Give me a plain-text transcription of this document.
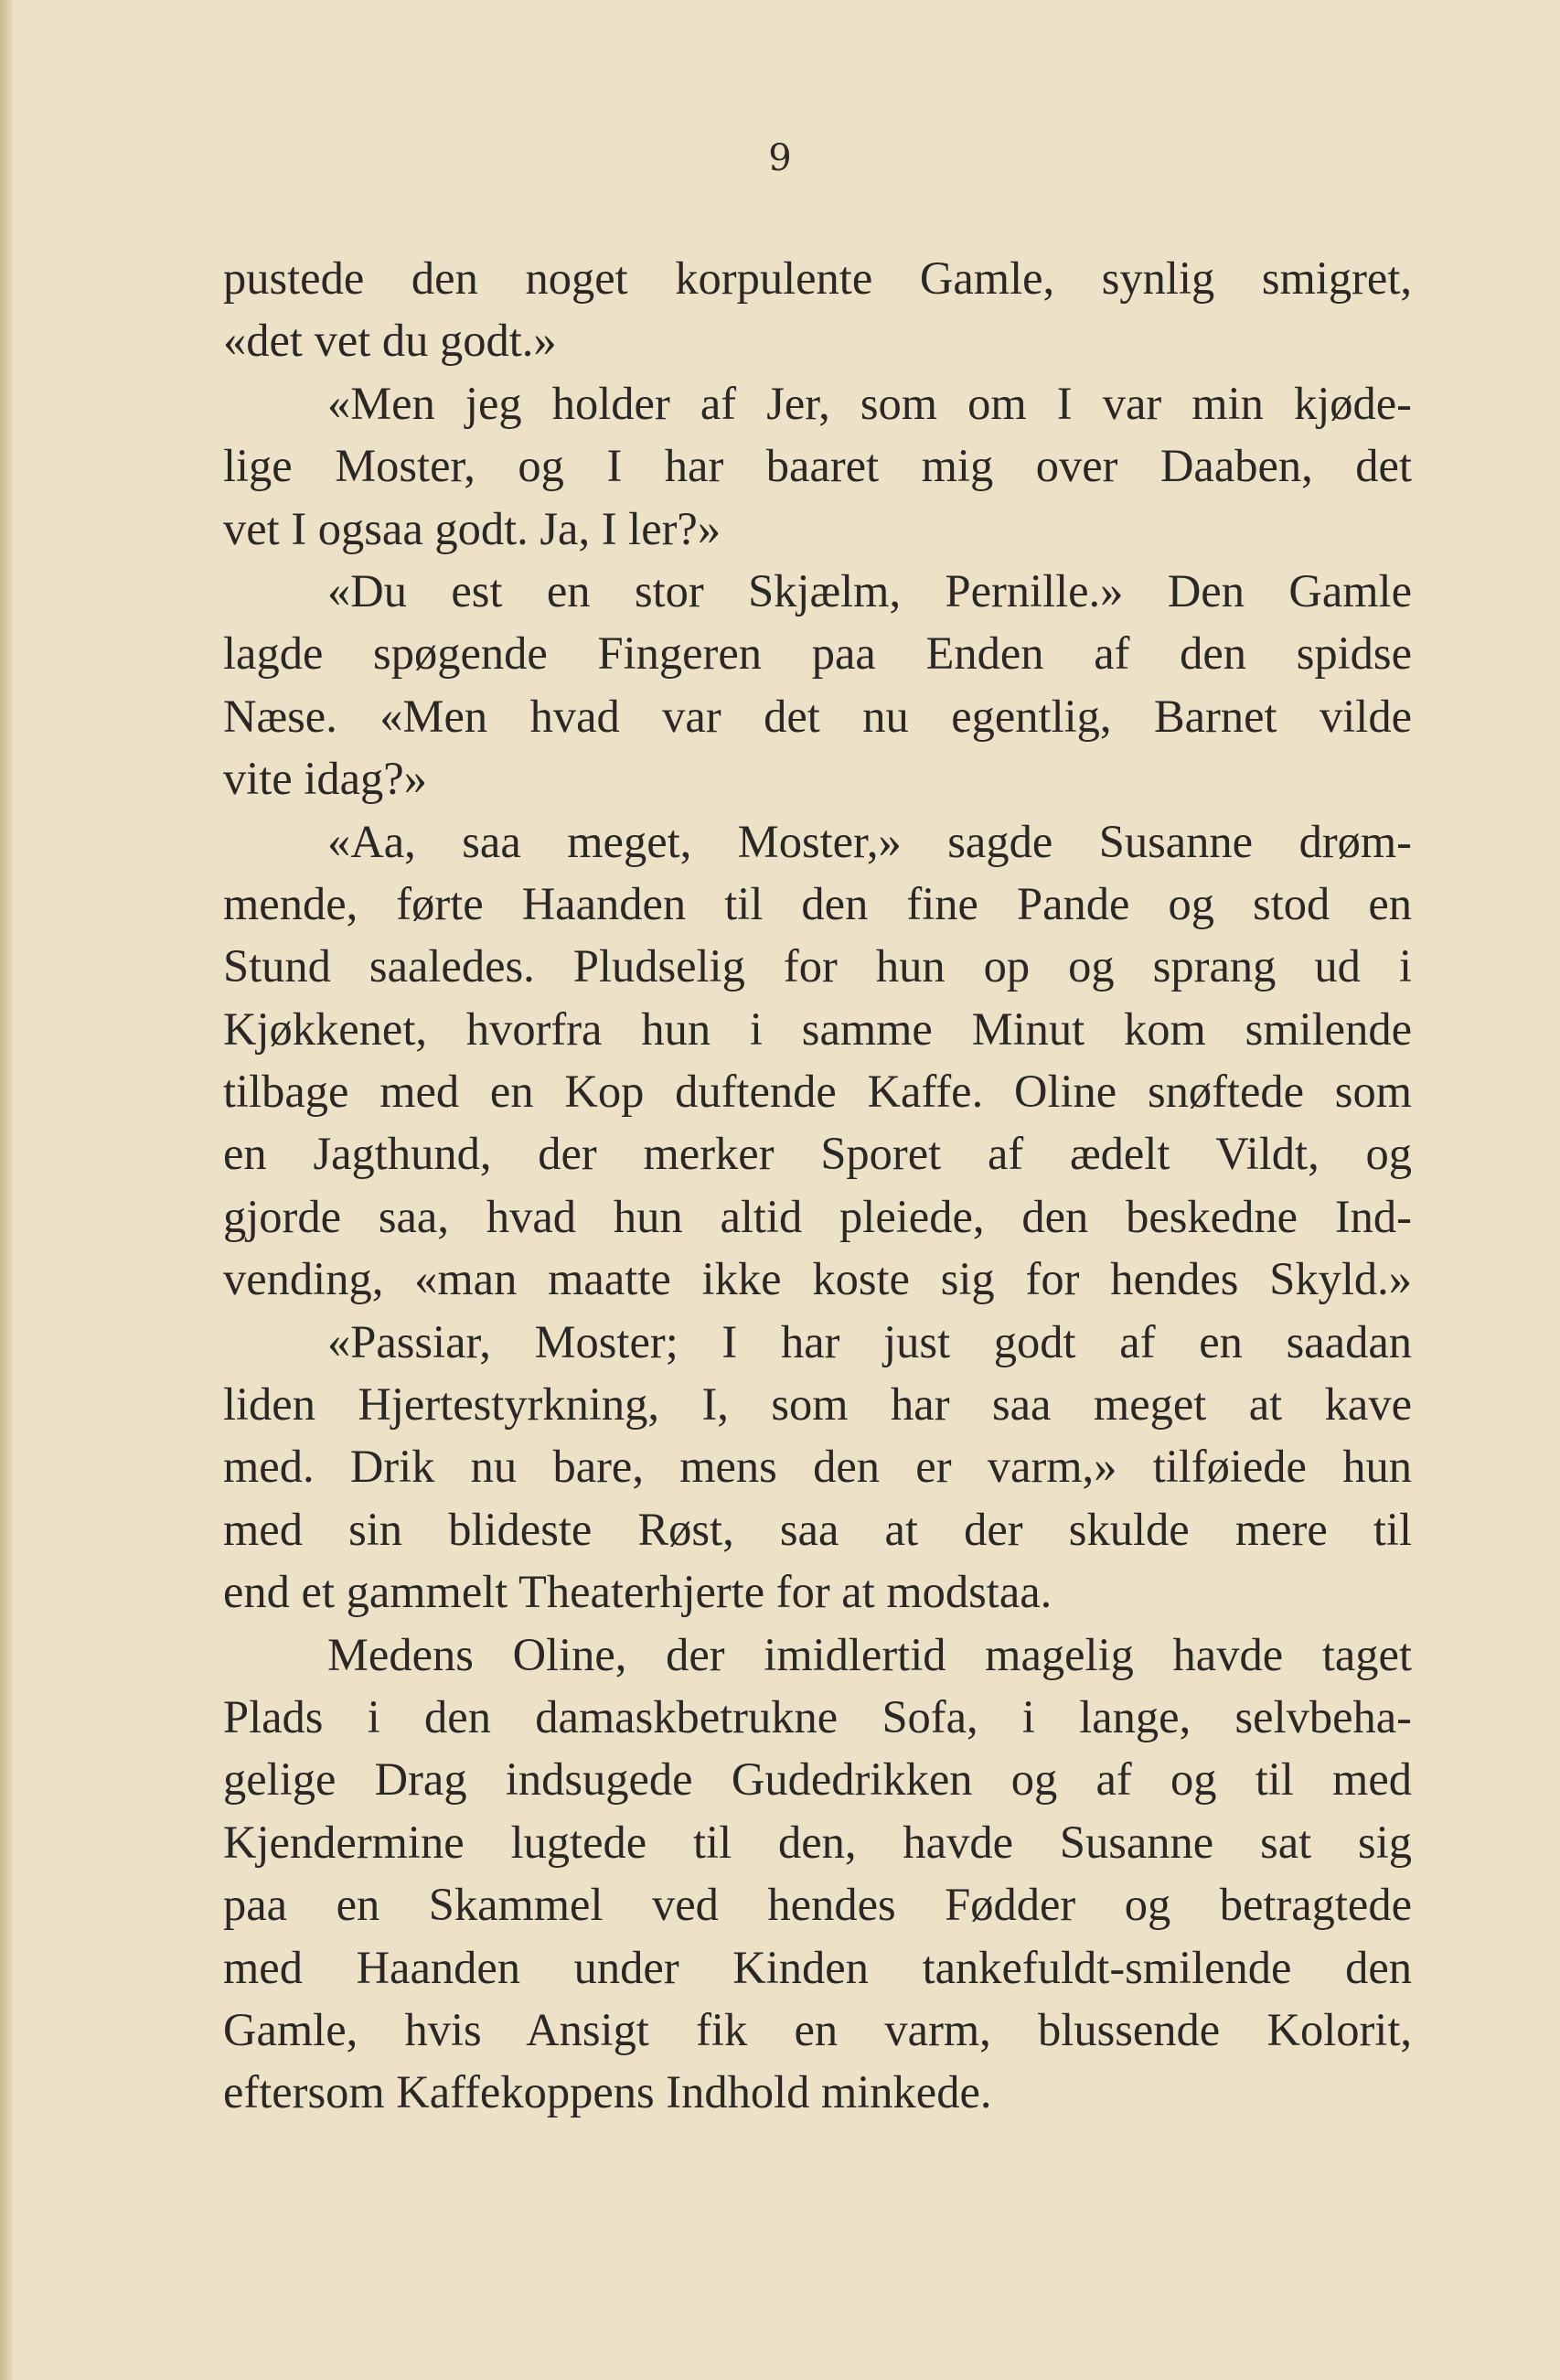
9
pustede den noget korpulente Gamle, synlig smigret,
«det vet du godt.»
«Men jeg holder af Jer, som om I var min kjøde-
lige Moster, og I har baaret mig over Daaben, det
vet I ogsaa godt. Ja, I ler?»
«Du est en stor Skjælm, Pernille.» Den Gamle
lagde spøgende Fingeren paa Enden af den spidse
Næse. «Men hvad var det nu egentlig, Barnet vilde
vite idag?»
«Aa, saa meget, Moster,» sagde Susanne drøm-
mende, førte Haanden til den fine Pande og stod en
Stund saaledes. Pludselig for hun op og sprang ud i
Kjøkkenet, hvorfra hun i samme Minut kom smilende
tilbage med en Kop duftende Kaffe. Oline snøftede som
en Jagthund, der merker Sporet af ædelt Vildt, og
gjorde saa, hvad hun altid pleiede, den beskedne Ind-
vending, «man maatte ikke koste sig for hendes Skyld.»
«Passiar, Moster; I har just godt af en saadan
liden Hjertestyrkning, I, som har saa meget at kave
med. Drik nu bare, mens den er varm,» tilføiede hun
med sin blideste Røst, saa at der skulde mere til
end et gammelt Theaterhjerte for at modstaa.
Medens Oline, der imidlertid magelig havde taget
Plads i den damaskbetrukne Sofa, i lange, selvbeha-
gelige Drag indsugede Gudedrikken og af og til med
Kjendermine lugtede til den, havde Susanne sat sig
paa en Skammel ved hendes Fødder og betragtede
med Haanden under Kinden tankefuldt-smilende den
Gamle, hvis Ansigt fik en varm, blussende Kolorit,
eftersom Kaffekoppens Indhold minkede.
